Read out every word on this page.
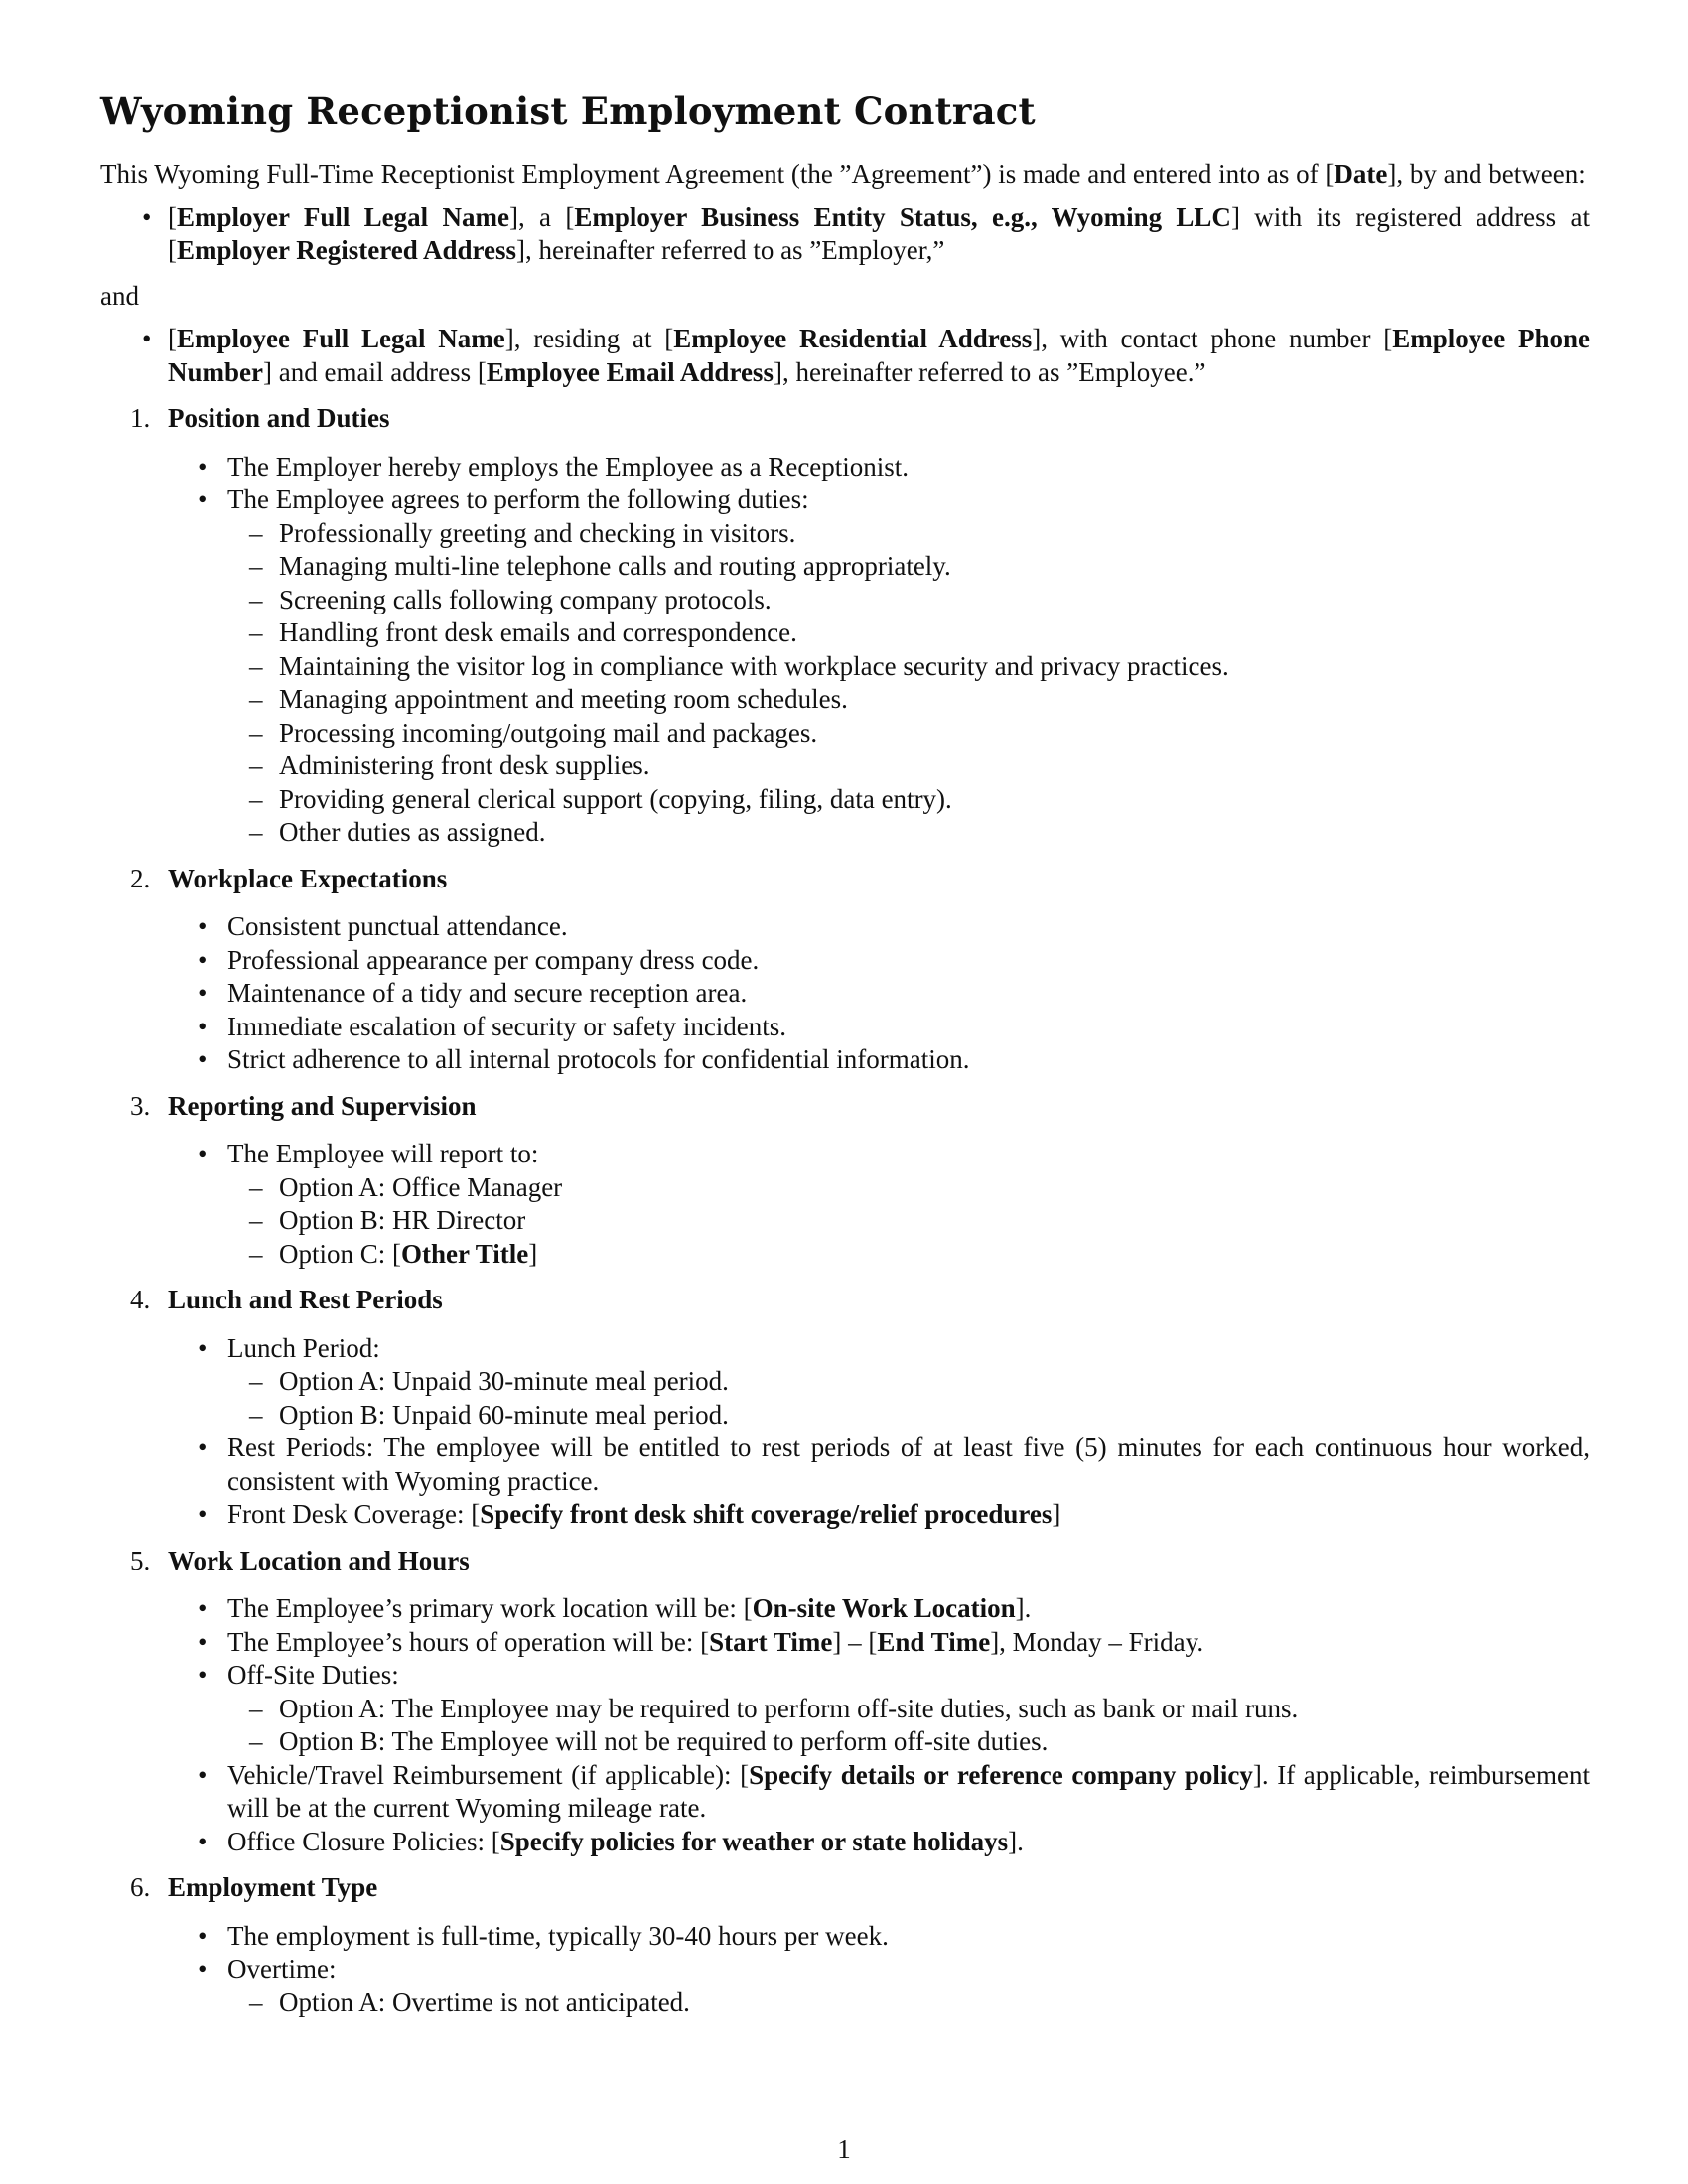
Wyoming Receptionist Employment Contract

This Wyoming Full-Time Receptionist Employment Agreement (the ”Agreement”) is made and entered into as of [Date], by and between:

• [Employer Full Legal Name], a [Employer Business Entity Status, e.g., Wyoming LLC] with its registered address at [Employer Registered Address], hereinafter referred to as ”Employer,”

and

• [Employee Full Legal Name], residing at [Employee Residential Address], with contact phone number [Employee Phone Number] and email address [Employee Email Address], hereinafter referred to as ”Employee.”
1. Position and Duties
• The Employer hereby employs the Employee as a Receptionist.
• The Employee agrees to perform the following duties:
– Professionally greeting and checking in visitors.
– Managing multi-line telephone calls and routing appropriately.
– Screening calls following company protocols.
– Handling front desk emails and correspondence.
– Maintaining the visitor log in compliance with workplace security and privacy practices.
– Managing appointment and meeting room schedules.
– Processing incoming/outgoing mail and packages.
– Administering front desk supplies.
– Providing general clerical support (copying, filing, data entry).
– Other duties as assigned.
2. Workplace Expectations
• Consistent punctual attendance.
• Professional appearance per company dress code.
• Maintenance of a tidy and secure reception area.
• Immediate escalation of security or safety incidents.
• Strict adherence to all internal protocols for confidential information.
3. Reporting and Supervision
• The Employee will report to:
– Option A: Office Manager
– Option B: HR Director
– Option C: [Other Title]
4. Lunch and Rest Periods
• Lunch Period:
– Option A: Unpaid 30-minute meal period.
– Option B: Unpaid 60-minute meal period.
• Rest Periods: The employee will be entitled to rest periods of at least five (5) minutes for each continuous hour worked, consistent with Wyoming practice.
• Front Desk Coverage: [Specify front desk shift coverage/relief procedures]
5. Work Location and Hours
• The Employee’s primary work location will be: [On-site Work Location].
• The Employee’s hours of operation will be: [Start Time] – [End Time], Monday – Friday.
• Off-Site Duties:
– Option A: The Employee may be required to perform off-site duties, such as bank or mail runs.
– Option B: The Employee will not be required to perform off-site duties.
• Vehicle/Travel Reimbursement (if applicable): [Specify details or reference company policy]. If applicable, reimbursement will be at the current Wyoming mileage rate.
• Office Closure Policies: [Specify policies for weather or state holidays].
6. Employment Type
• The employment is full-time, typically 30-40 hours per week.
• Overtime:
– Option A: Overtime is not anticipated.
1
